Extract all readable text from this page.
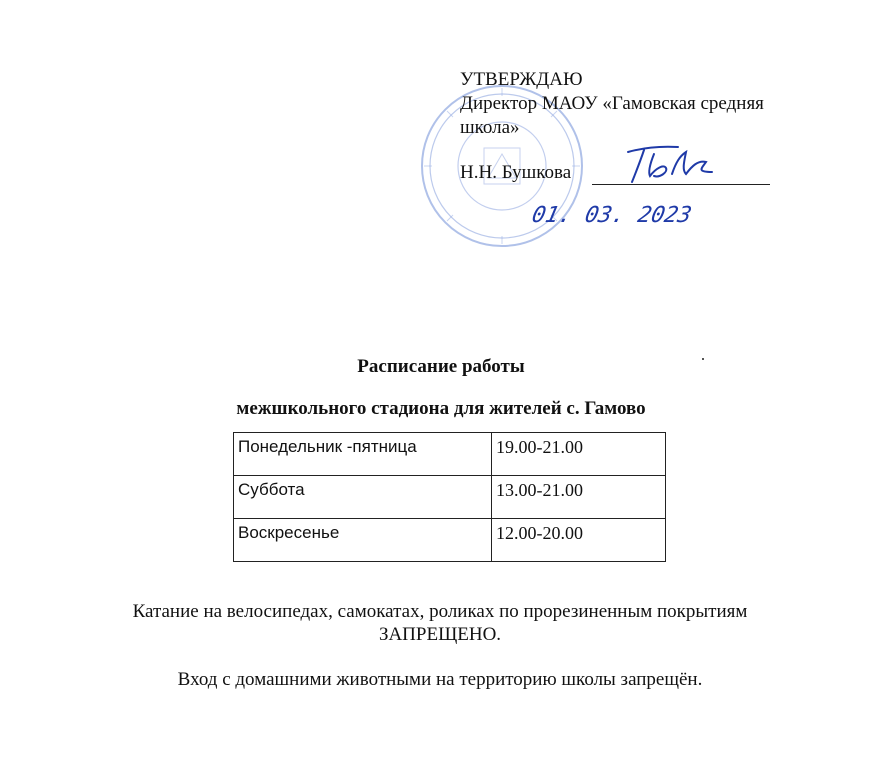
УТВЕРЖДАЮ
Директор МАОУ «Гамовская средняя
школа»
Н.Н. Бушкова
01. 03. 2023
Расписание работы
межшкольного стадиона для жителей с. Гамово
Понедельник -пятница	19.00-21.00
Суббота	13.00-21.00
Воскресенье	12.00-20.00
Катание на велосипедах, самокатах, роликах по прорезиненным покрытиям
ЗАПРЕЩЕНО.
Вход с домашними животными на территорию школы запрещён.
